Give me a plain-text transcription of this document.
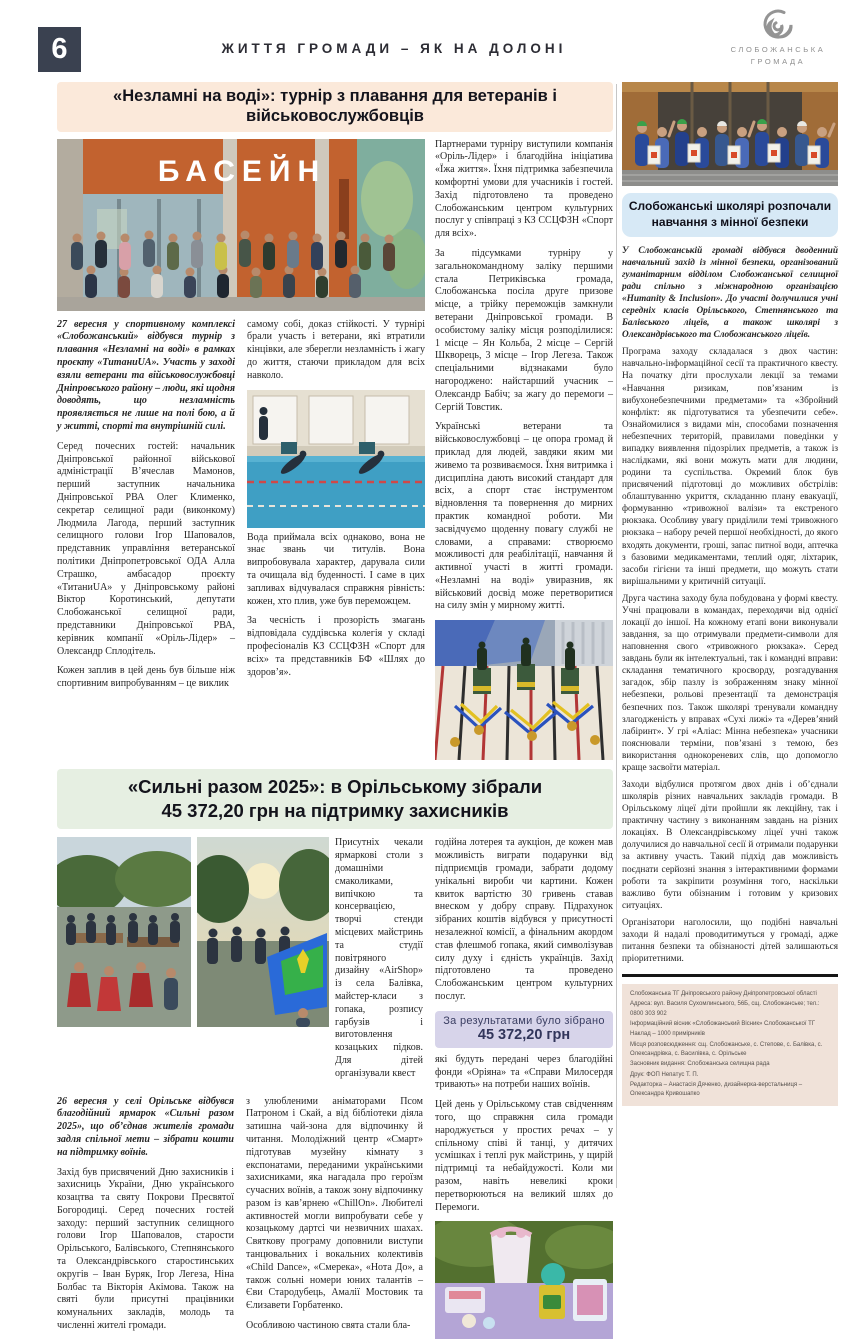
6	ЖИТТЯ ГРОМАДИ – ЯК НА ДОЛОНІ	СЛОБОЖАНСЬКА
ГРОМАДА
«Незламні на воді»: турнір з плавання для ветеранів і військовослужбовців
БАСЕЙН

27 вересня у спортивному комплексі «Слобожанський» відбувся турнір з плавання «Незламні на воді» в рамках проєкту «ТитаниUA». Участь у заході взяли ветерани та військовослужбовці Дніпровського району – люди, які щодня доводять, що незламність проявляється не лише на полі бою, а й у житті, спорті та внутрішній силі.

Серед почесних гостей: начальник Дніпровської районної військової адміністрації В’ячеслав Мамонов, перший заступник начальника Дніпровської РВА Олег Клименко, секретар селищної ради (виконкому) Людмила Лагода, перший заступник селищного голови Ігор Шаповалов, представник управління ветеранської політики Дніпропетровської ОДА Алла Страшко, амбасадор проєкту «ТитаниUA» у Дніпровському районі Віктор Коротинський, депутати Слобожанської селищної ради, представники Дніпровської РВА, керівник компанії «Оріль-Лідер» – Олександр Сплодітель.

Кожен заплив в цей день був більше ніж спортивним випробуванням – це виклик

самому собі, доказ стійкості. У турнірі брали участь і ветерани, які втратили кінцівки, але зберегли незламність і жагу до життя, стаючи прикладом для всіх навколо.

Вода приймала всіх однаково, вона не знає звань чи титулів. Вона випробовувала характер, дарувала сили та очищала від буденності. І саме в цих запливах відчувалася справжня рівність: кожен, хто плив, уже був переможцем.

За чесність і прозорість змагань відповідала суддівська колегія у складі професіоналів КЗ ССЦФЗН «Спорт для всіх» та представників БФ «Шлях до здоров’я».

Партнерами турніру виступили компанія «Оріль-Лідер» і благодійна ініціатива «Їжа життя». Їхня підтримка забезпечила комфортні умови для учасників і гостей. Захід підготовлено та проведено Слобожанським центром культурних послуг у співпраці з КЗ ССЦФЗН «Спорт для всіх».

За підсумками турніру у загальнокомандному заліку першими стала Петриківська громада, Слобожанська посіла друге призове місце, а трійку переможців замкнули ветерани Дніпровської громади. В особистому заліку місця розподілилися: 1 місце – Ян Кольба, 2 місце – Сергій Шкворець, 3 місце – Ігор Легеза. Також спеціальними відзнаками було нагороджено: найстарший учасник – Олександр Бабіч; за жагу до перемоги – Сергій Товстик.

Українські ветерани та військовослужбовці – це опора громад й приклад для людей, завдяки яким ми живемо та розвиваємося. Їхня витримка і дисципліна дають високий стандарт для всіх, а спорт стає інструментом відновлення та повернення до мирних практик командної роботи. Ми засвідчуємо щоденну повагу службі не словами, а справами: створюємо можливості для реабілітації, навчання й активної участі в житті громади. «Незламні на воді» увиразнив, як військовий досвід може перетворитися на силу змін у мирному житті.

«Сильні разом 2025»: в Орільському зібрали
45 372,20 грн на підтримку захисників

Присутніх чекали ярмаркові столи з домашніми смаколиками, випічкою та консервацією, творчі стенди місцевих майстринь та студії повітряного дизайну «AirShop» із села Балівка, майстер-класи з гопака, розпису гарбузів і виготовлення козацьких підков. Для дітей організували квест

26 вересня у селі Орільське відбувся благодійний ярмарок «Сильні разом 2025», що об’єднав жителів громади задля спільної мети – зібрати кошти на підтримку воїнів.

Захід був присвячений Дню захисників і захисниць України, Дню українського козацтва та святу Покрови Пресвятої Богородиці. Серед почесних гостей заходу: перший заступник селищного голови Ігор Шаповалов, старости Орільського, Балівського, Степнянського та Олександрівського старостинських округів – Іван Буряк, Ігор Легеза, Ніна Болбас та Вікторія Акімова. Також на святі були присутні працівники комунальних закладів, молодь та численні жителі громади.

з улюбленими аніматорами Псом Патроном і Скай, а від бібліотеки діяла затишна чай-зона для відпочинку й читання. Молодіжний центр «Смарт» підготував музейну кімнату з експонатами, переданими українськими захисниками, яка нагадала про героїзм сучасних воїнів, а також зону відпочинку разом із кав’ярнею «ChillOn». Любителі активностей могли випробувати себе у козацькому дартсі чи незвичних шахах. Святкову програму доповнили виступи танцювальних і вокальних колективів «Child Dance», «Смерека», «Нота До», а також сольні номери юних талантів – Єви Стародубець, Амалії Мостовик та Єлизавети Горбатенко.

Особливою частиною свята стали бла-

годійна лотерея та аукціон, де кожен мав можливість виграти подарунки від підприємців громади, забрати додому унікальні вироби чи картини. Кожен квиток вартістю 30 гривень ставав внеском у добру справу. Підрахунок зібраних коштів відбувся у присутності незалежної комісії, а фінальним акордом став флешмоб гопака, який символізував силу духу і єдність українців. Захід підготовлено та проведено Слобожанським центром культурних послуг.

За результатами було зібрано
45 372,20 грн

які будуть передані через благодійні фонди «Оріяна» та «Справи Милосердя тривають» на потреби наших воїнів.

Цей день у Орільському став свідченням того, що справжня сила громади народжується у простих речах – у спільному співі й танці, у дитячих усмішках і теплі рук майстринь, у щирій підтримці та небайдужості. Коли ми разом, навіть невеликі кроки перетворюються на великий шлях до Перемоги.

Слобожанські школярі розпочали
навчання з мінної безпеки

У Слобожанській громаді відбувся дводенний навчальний захід із мінної безпеки, організований гуманітарним відділом Слобожанської селищної ради спільно з міжнародною організацією «Humanity & Inclusion». До участі долучилися учні середніх класів Орільського, Степнянського та Балівського ліцеїв, а також школярі з Олександрівського та Слобожанського ліцеїв.

Програма заходу складалася з двох частин: навчально-інформаційної сесії та практичного квесту. На початку діти прослухали лекції за темами «Навчання ризикам, пов’язаним із вибухонебезпечними предметами» та «Збройний конфлікт: як підготуватися та убезпечити себе». Ознайомилися з видами мін, способами позначення небезпечних територій, правилами поведінки у випадку виявлення підозрілих предметів, а також із наслідками, які вони можуть мати для людини, родини та суспільства. Окремий блок був присвячений підготовці до можливих обстрілів: облаштуванню укриття, складанню плану евакуації, формуванню «тривожної валізи» та екстреного рюкзака. Особливу увагу приділили темі тривожного рюкзака – набору речей першої необхідності, до якого входять документи, гроші, запас питної води, аптечка з базовими медикаментами, теплий одяг, ліхтарик, засоби гігієни та інші предмети, що можуть стати вирішальними у критичній ситуації.

Друга частина заходу була побудована у формі квесту. Учні працювали в командах, переходячи від однієї локації до іншої. На кожному етапі вони виконували завдання, за що отримували предмети-символи для наповнення свого «тривожного рюкзака». Серед завдань були як інтелектуальні, так і командні вправи: складання тематичного кросворду, розгадування загадок, збір пазлу із зображенням знаку мінної небезпеки, рольові презентації та демонстрація безпечних поз. Також школярі тренували командну злагодженість у вправах «Сухі лижі» та «Дерев’яний лабіринт». У грі «Аліас: Мінна небезпека» учасники пояснювали терміни, пов’язані з темою, без використання однокореневих слів, що допомогло краще засвоїти матеріал.

Заходи відбулися протягом двох днів і об’єднали школярів різних навчальних закладів громади. В Орільському ліцеї діти пройшли як лекційну, так і практичну частину з виконанням завдань на різних локаціях. В Олександрівському ліцеї учні також долучилися до навчальної сесії й отримали подарунки за активну участь. Такий підхід дав можливість поєднати серйозні знання з інтерактивними формами роботи та закріпити розуміння того, наскільки важливо бути обізнаним і готовим у кризових ситуаціях.

Організатори наголосили, що подібні навчальні заходи й надалі проводитимуться у громаді, адже питання безпеки та обізнаності дітей залишаються пріоритетними.

Слобожанська ТГ Дніпровського району Дніпропетровської області
Адреса: вул. Василя Сухомлинського, 56Б, сщ. Слобожанське; тел.: 0800 303 902
Інформаційний вісник «Слобожанський Вісник» Слобожанської ТГ
Наклад – 1000 примірників
Місця розповсюдження: сщ. Слобожанське, с. Степове, с. Балівка, с. Олександрівка, с. Василівка, с. Орільське
Засновник видання: Слобожанська селищна рада
Друк: ФОП Непатус Т. П.
Редакторка – Анастасія Дяченко, дизайнерка-верстальниця – Олександра Кривошапко
